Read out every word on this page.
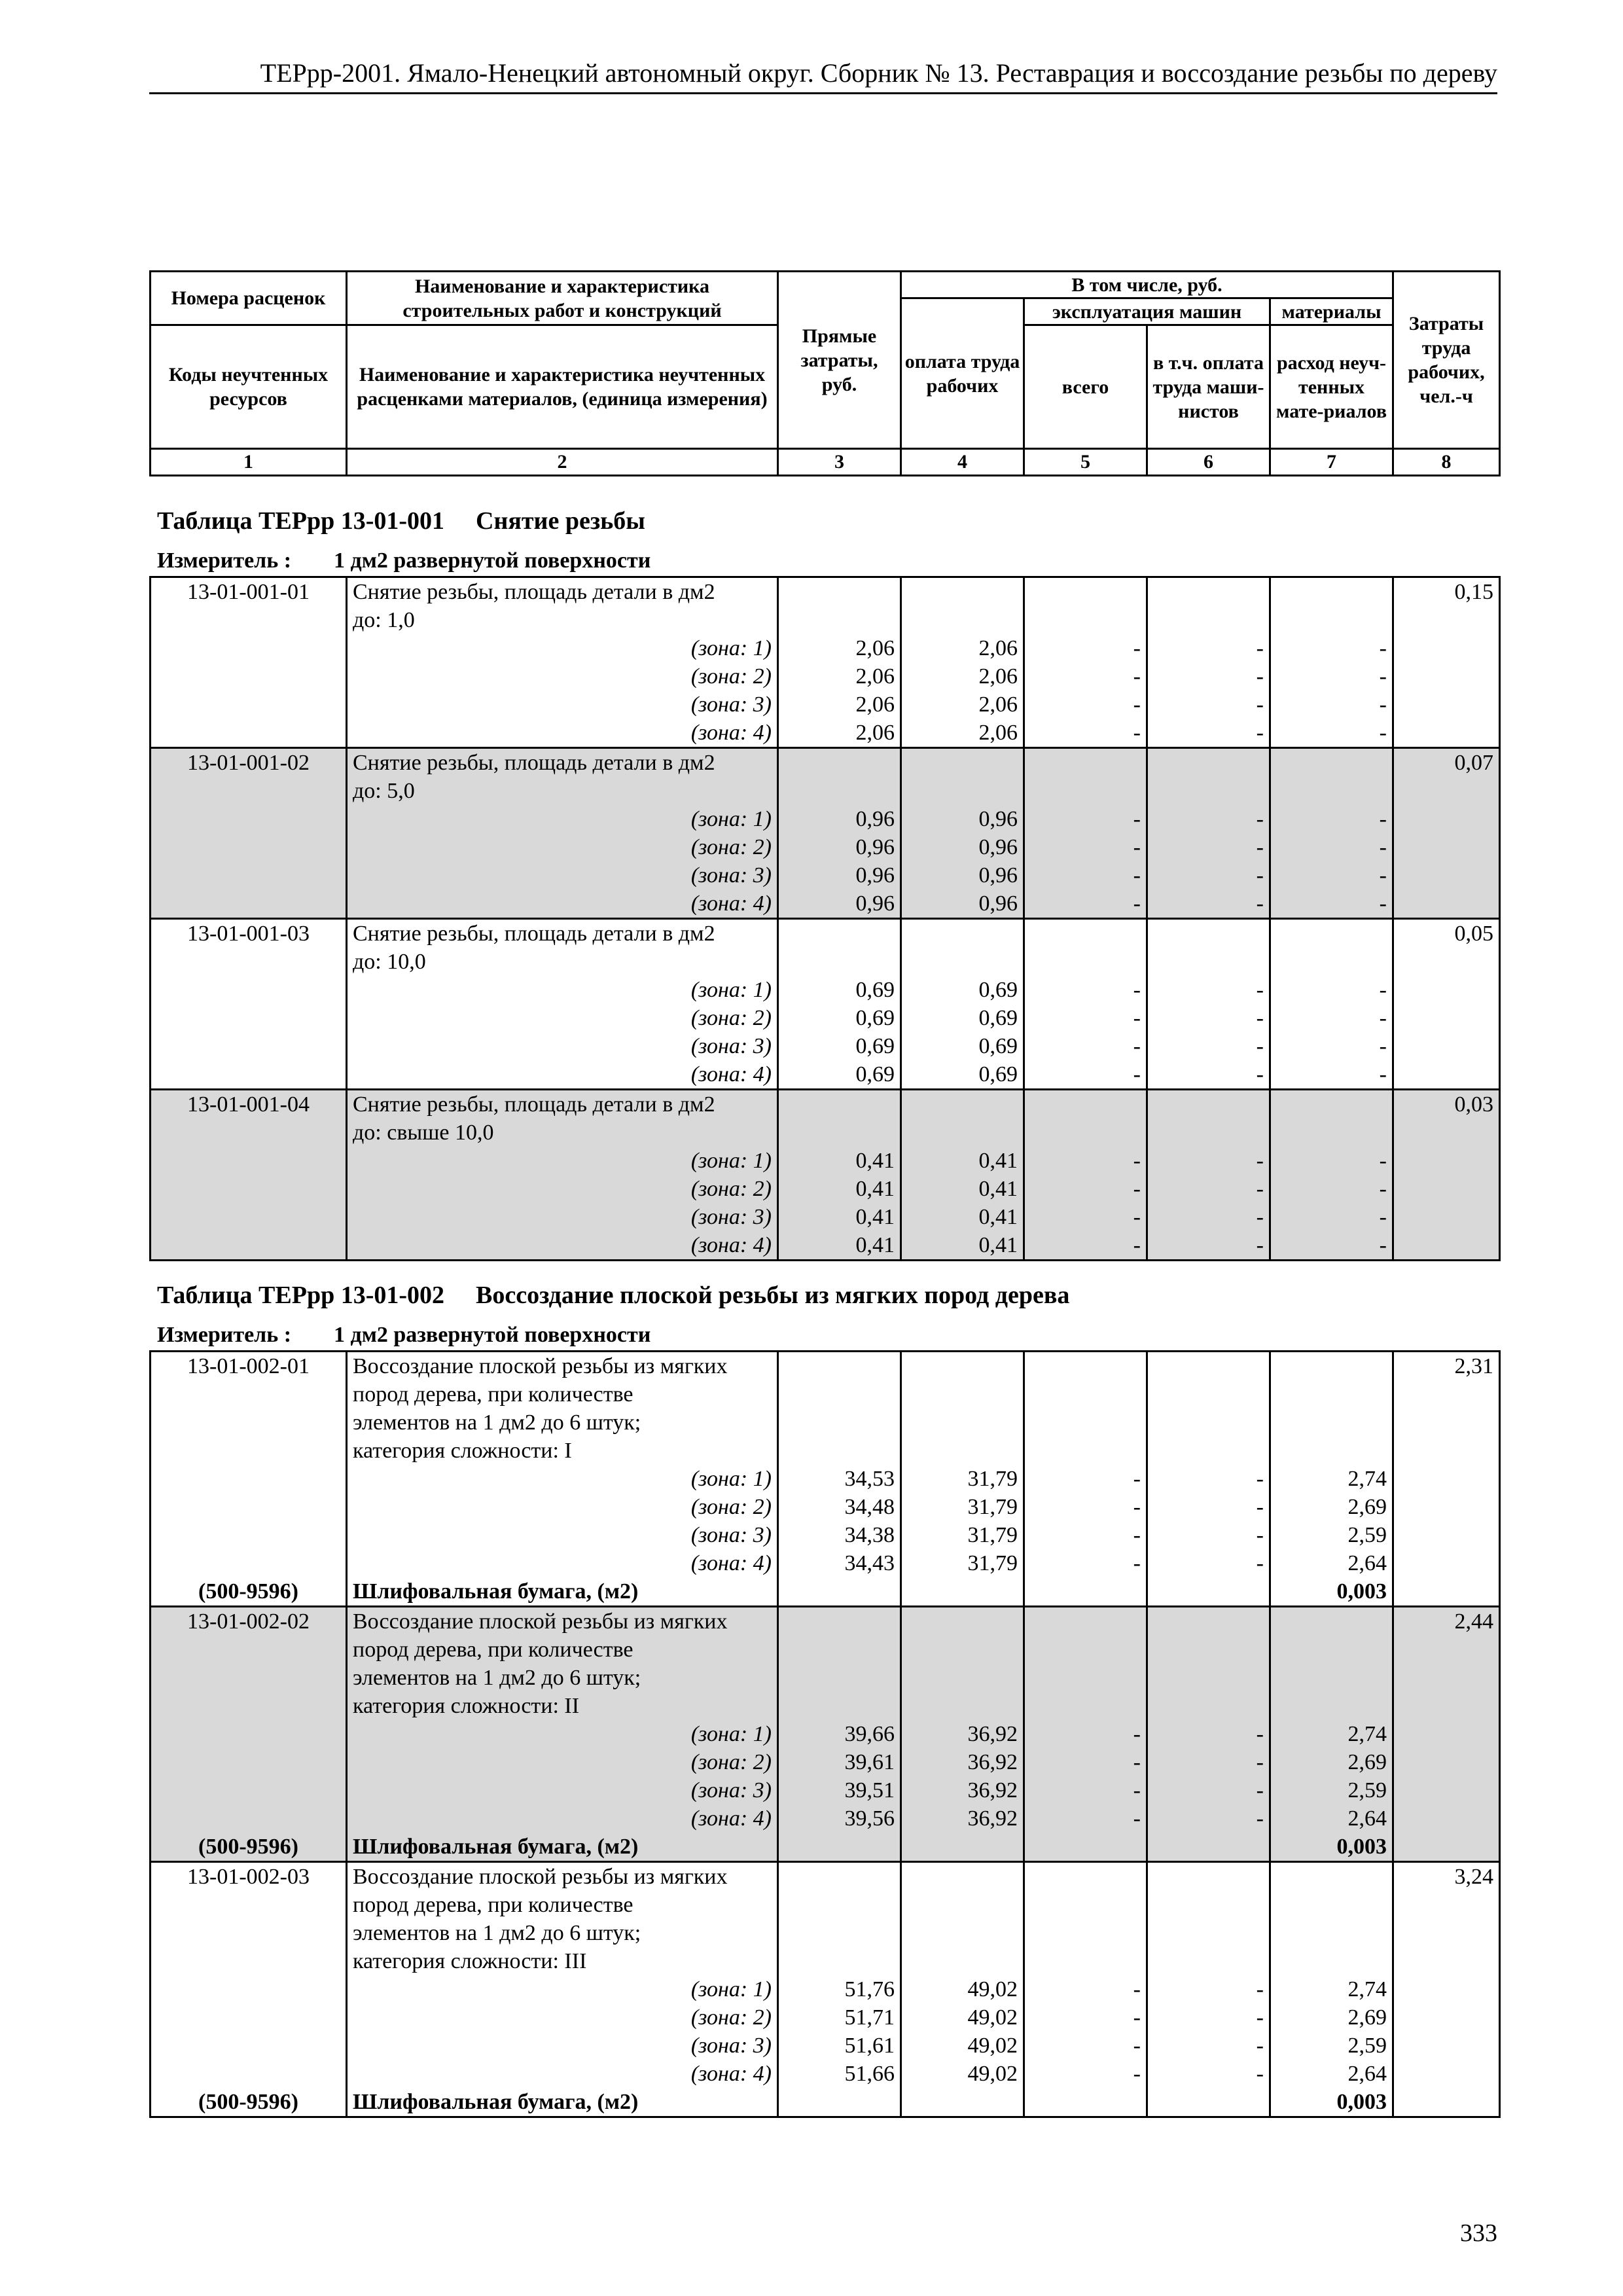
ТЕРрр-2001. Ямало-Ненецкий автономный округ. Сборник № 13. Реставрация и воссоздание резьбы по дереву
Номера расценок	Наименование и характеристика строительных работ и конструкций	Прямые затраты, руб.	В том числе, руб.				Затраты труда рабочих, чел.-ч
			оплата труда рабочих	эксплуатация машин		материалы	
Коды неучтенных ресурсов	Наименование и характеристика неучтенных расценками материалов, (единица измерения)			всего	в т.ч. оплата труда маши-нистов	расход неуч-тенных мате-риалов	

1	2	3	4	5	6	7	8
Таблица ТЕРрр 13-01-001 Снятие резьбы
Измеритель : 1 дм2 развернутой поверхности
13-01-001-01	Снятие резьбы, площадь детали в дм2						0,15
	до: 1,0						
	(зона: 1)	2,06	2,06	-	-	-	
	(зона: 2)	2,06	2,06	-	-	-	
	(зона: 3)	2,06	2,06	-	-	-	
	(зона: 4)	2,06	2,06	-	-	-	
13-01-001-02	Снятие резьбы, площадь детали в дм2						0,07
	до: 5,0						
	(зона: 1)	0,96	0,96	-	-	-	
	(зона: 2)	0,96	0,96	-	-	-	
	(зона: 3)	0,96	0,96	-	-	-	
	(зона: 4)	0,96	0,96	-	-	-	
13-01-001-03	Снятие резьбы, площадь детали в дм2						0,05
	до: 10,0						
	(зона: 1)	0,69	0,69	-	-	-	
	(зона: 2)	0,69	0,69	-	-	-	
	(зона: 3)	0,69	0,69	-	-	-	
	(зона: 4)	0,69	0,69	-	-	-	
13-01-001-04	Снятие резьбы, площадь детали в дм2						0,03
	до: свыше 10,0						
	(зона: 1)	0,41	0,41	-	-	-	
	(зона: 2)	0,41	0,41	-	-	-	
	(зона: 3)	0,41	0,41	-	-	-	
	(зона: 4)	0,41	0,41	-	-	-	
Таблица ТЕРрр 13-01-002 Воссоздание плоской резьбы из мягких пород дерева
Измеритель : 1 дм2 развернутой поверхности
13-01-002-01	Воссоздание плоской резьбы из мягких						2,31
	пород дерева, при количестве						
	элементов на 1 дм2 до 6 штук;						
	категория сложности: I						
	(зона: 1)	34,53	31,79	-	-	2,74	
	(зона: 2)	34,48	31,79	-	-	2,69	
	(зона: 3)	34,38	31,79	-	-	2,59	
	(зона: 4)	34,43	31,79	-	-	2,64	
(500-9596)	Шлифовальная бумага, (м2)					0,003	
13-01-002-02	Воссоздание плоской резьбы из мягких						2,44
	пород дерева, при количестве						
	элементов на 1 дм2 до 6 штук;						
	категория сложности: II						
	(зона: 1)	39,66	36,92	-	-	2,74	
	(зона: 2)	39,61	36,92	-	-	2,69	
	(зона: 3)	39,51	36,92	-	-	2,59	
	(зона: 4)	39,56	36,92	-	-	2,64	
(500-9596)	Шлифовальная бумага, (м2)					0,003	
13-01-002-03	Воссоздание плоской резьбы из мягких						3,24
	пород дерева, при количестве						
	элементов на 1 дм2 до 6 штук;						
	категория сложности: III						
	(зона: 1)	51,76	49,02	-	-	2,74	
	(зона: 2)	51,71	49,02	-	-	2,69	
	(зона: 3)	51,61	49,02	-	-	2,59	
	(зона: 4)	51,66	49,02	-	-	2,64	
(500-9596)	Шлифовальная бумага, (м2)					0,003	
333
